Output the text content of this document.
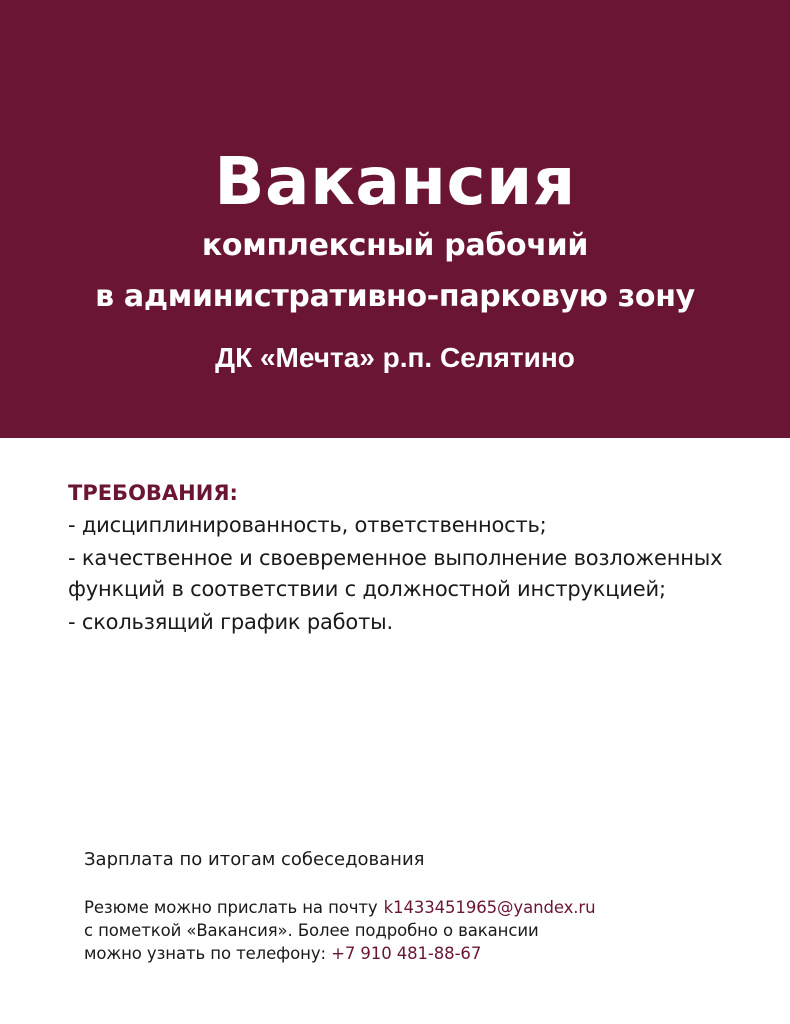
Вакансия
комплексный рабочий
в административно-парковую зону
ДК «Мечта» р.п. Селятино
ТРЕБОВАНИЯ:
- дисциплинированность, ответственность;
- качественное и своевременное выполнение возложенных функций в соответствии с должностной инструкцией;
- скользящий график работы.
Зарплата по итогам собеседования
Резюме можно прислать на почту k1433451965@yandex.ru
с пометкой «Вакансия». Более подробно о вакансии
можно узнать по телефону: +7 910 481-88-67
